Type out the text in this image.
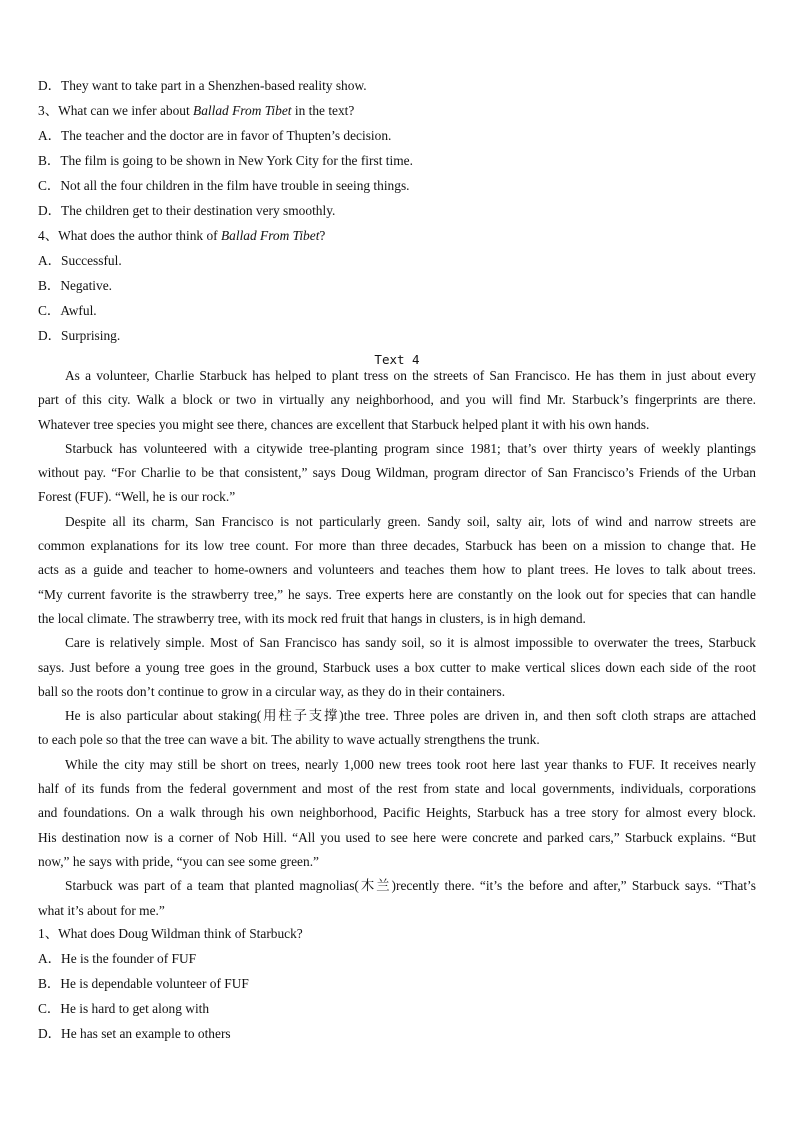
D．They want to take part in a Shenzhen-based reality show.
3、What can we infer about Ballad From Tibet in the text?
A．The teacher and the doctor are in favor of Thupten’s decision.
B．The film is going to be shown in New York City for the first time.
C．Not all the four children in the film have trouble in seeing things.
D．The children get to their destination very smoothly.
4、What does the author think of Ballad From Tibet?
A．Successful.
B．Negative.
C．Awful.
D．Surprising.
Text 4
As a volunteer, Charlie Starbuck has helped to plant tress on the streets of San Francisco. He has them in just about every
part of this city. Walk a block or two in virtually any neighborhood, and you will find Mr. Starbuck’s fingerprints are there.
Whatever tree species you might see there, chances are excellent that Starbuck helped plant it with his own hands.
Starbuck has volunteered with a citywide tree-planting program since 1981; that’s over thirty years of weekly plantings
without pay. “For Charlie to be that consistent,” says Doug Wildman, program director of San Francisco’s Friends of the Urban
Forest (FUF). “Well, he is our rock.”
Despite all its charm, San Francisco is not particularly green. Sandy soil, salty air, lots of wind and narrow streets are
common explanations for its low tree count. For more than three decades, Starbuck has been on a mission to change that. He
acts as a guide and teacher to home-owners and volunteers and teaches them how to plant trees. He loves to talk about trees.
“My current favorite is the strawberry tree,” he says. Tree experts here are constantly on the look out for species that can handle
the local climate. The strawberry tree, with its mock red fruit that hangs in clusters, is in high demand.
Care is relatively simple. Most of San Francisco has sandy soil, so it is almost impossible to overwater the trees, Starbuck
says. Just before a young tree goes in the ground, Starbuck uses a box cutter to make vertical slices down each side of the root
ball so the roots don’t continue to grow in a circular way, as they do in their containers.
He is also particular about staking(用柱子支撑)the tree. Three poles are driven in, and then soft cloth straps are attached
to each pole so that the tree can wave a bit. The ability to wave actually strengthens the trunk.
While the city may still be short on trees, nearly 1,000 new trees took root here last year thanks to FUF. It receives nearly
half of its funds from the federal government and most of the rest from state and local governments, individuals, corporations
and foundations. On a walk through his own neighborhood, Pacific Heights, Starbuck has a tree story for almost every block.
His destination now is a corner of Nob Hill. “All you used to see here were concrete and parked cars,” Starbuck explains. “But
now,” he says with pride, “you can see some green.”
Starbuck was part of a team that planted magnolias(木兰)recently there. “it’s the before and after,” Starbuck says. “That’s
what it’s about for me.”
1、What does Doug Wildman think of Starbuck?
A．He is the founder of FUF
B．He is dependable volunteer of FUF
C．He is hard to get along with
D．He has set an example to others
